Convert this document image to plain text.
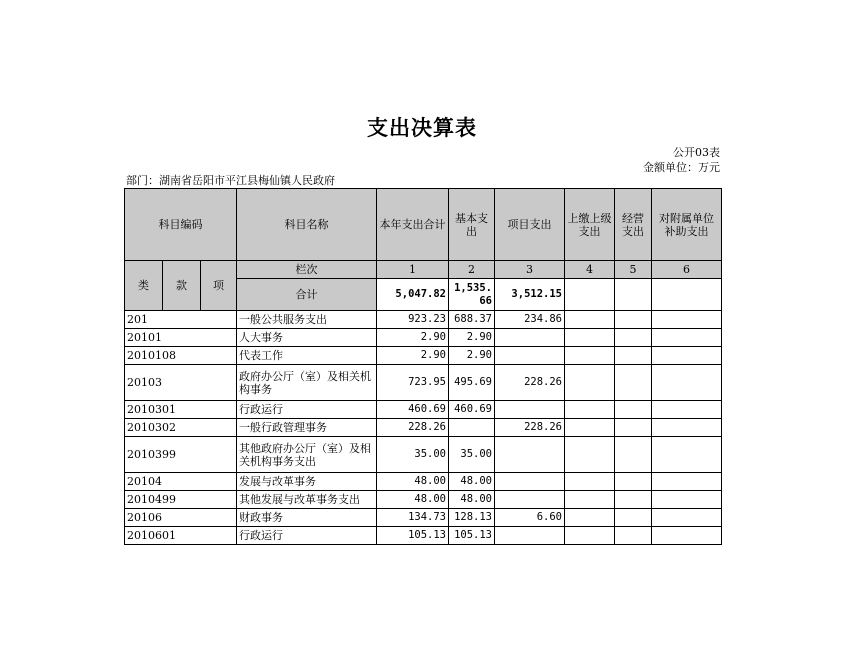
支出决算表
公开03表
金额单位：万元
部门：湖南省岳阳市平江县梅仙镇人民政府
科目编码			科目名称	本年支出合计	基本支出	项目支出	上缴上级支出	经营支出	对附属单位补助支出
类	款	项	栏次	1	2	3	4	5	6
			合计	5,047.82	1,535.66	3,512.15			
201			一般公共服务支出	923.23	688.37	234.86			
20101			人大事务	2.90	2.90				
2010108			代表工作	2.90	2.90				
20103			政府办公厅（室）及相关机构事务	723.95	495.69	228.26			
2010301			行政运行	460.69	460.69				
2010302			一般行政管理事务	228.26		228.26			
2010399			其他政府办公厅（室）及相关机构事务支出	35.00	35.00				
20104			发展与改革事务	48.00	48.00				
2010499			其他发展与改革事务支出	48.00	48.00				
20106			财政事务	134.73	128.13	6.60			
2010601			行政运行	105.13	105.13				
